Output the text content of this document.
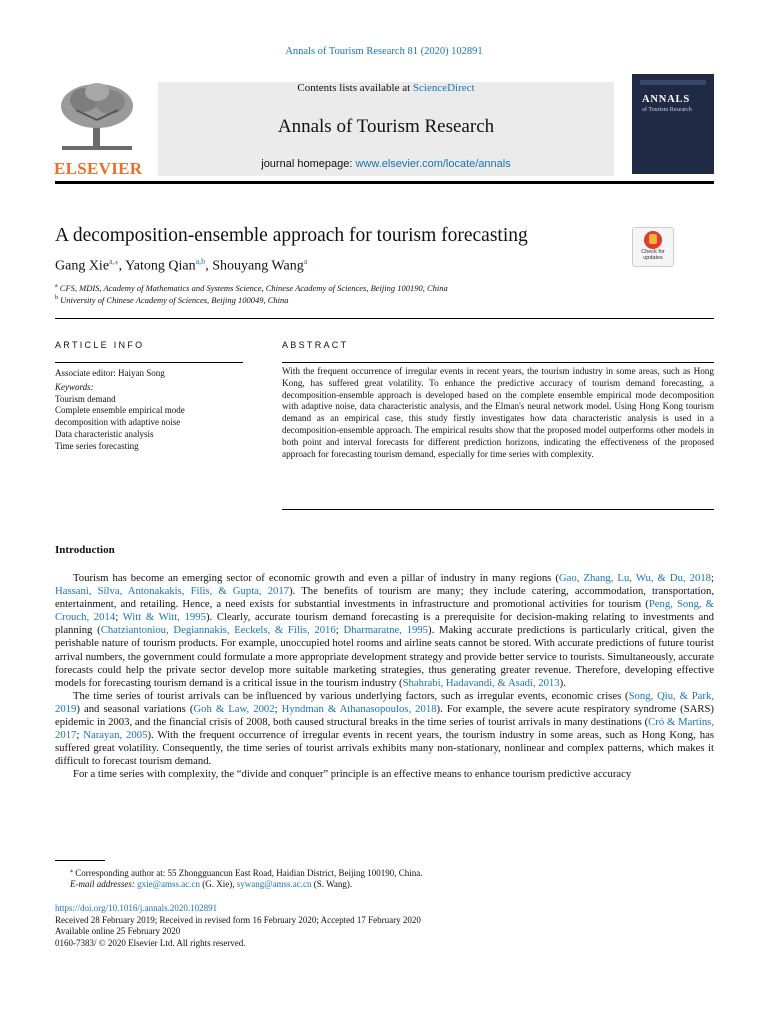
Annals of Tourism Research 81 (2020) 102891
ELSEVIER
Contents lists available at ScienceDirect
Annals of Tourism Research
journal homepage: www.elsevier.com/locate/annals
ANNALS
of Tourism Research
A decomposition-ensemble approach for tourism forecasting
Check for updates
Gang Xie$^{a,⁎}$, Yatong Qian$^{a,b}$, Shouyang Wang$^a$
$^a$ CFS, MDIS, Academy of Mathematics and Systems Science, Chinese Academy of Sciences, Beijing 100190, China
$^b$ University of Chinese Academy of Sciences, Beijing 100049, China
ARTICLE INFO	ABSTRACT
Associate editor: Haiyan Song
Keywords:
Tourism demand
Complete ensemble empirical mode
decomposition with adaptive noise
Data characteristic analysis
Time series forecasting
With the frequent occurrence of irregular events in recent years, the tourism industry in some areas, such as Hong Kong, has suffered great volatility. To enhance the predictive accuracy of tourism demand forecasting, a decomposition-ensemble approach is developed based on the complete ensemble empirical mode decomposition with adaptive noise, data characteristic analysis, and the Elman's neural network model. Using Hong Kong tourism demand as an empirical case, this study firstly investigates how data characteristic analysis is used in a decomposition-ensemble approach. The empirical results show that the proposed model outperforms other models in both point and interval forecasts for different prediction horizons, indicating the effectiveness of the proposed approach for forecasting tourism demand, especially for time series with complexity.
Introduction

Tourism has become an emerging sector of economic growth and even a pillar of industry in many regions (Gao, Zhang, Lu, Wu, & Du, 2018; Hassani, Silva, Antonakakis, Filis, & Gupta, 2017). The benefits of tourism are many; they include catering, accommodation, transportation, entertainment, and retailing. Hence, a need exists for substantial investments in infrastructure and promotional activities for tourism (Peng, Song, & Crouch, 2014; Witt & Witt, 1995). Clearly, accurate tourism demand forecasting is a prerequisite for decision-making relating to investments and planning (Chatziantoniou, Degiannakis, Eeckels, & Filis, 2016; Dharmaratne, 1995). Making accurate predictions is particularly critical, given the perishable nature of tourism products. For example, unoccupied hotel rooms and airline seats cannot be stored. With accurate predictions of future tourist arrival numbers, the government could formulate a more appropriate development strategy and provide better service to tourists. Simultaneously, accurate forecasts could help the private sector develop more suitable marketing strategies, thus generating greater revenue. Therefore, developing effective models for forecasting tourism demand is a critical issue in the tourism industry (Shahrabi, Hadavandi, & Asadi, 2013).

The time series of tourist arrivals can be influenced by various underlying factors, such as irregular events, economic crises (Song, Qiu, & Park, 2019) and seasonal variations (Goh & Law, 2002; Hyndman & Athanasopoulos, 2018). For example, the severe acute respiratory syndrome (SARS) epidemic in 2003, and the financial crisis of 2008, both caused structural breaks in the time series of tourist arrivals in many destinations (Cró & Martins, 2017; Narayan, 2005). With the frequent occurrence of irregular events in recent years, the tourism industry in some areas, such as Hong Kong, has suffered great volatility. Consequently, the time series of tourist arrivals exhibits many non-stationary, nonlinear and complex patterns, which makes it difficult to forecast tourism demand.

For a time series with complexity, the “divide and conquer” principle is an effective means to enhance tourism predictive accuracy

⁎ Corresponding author at: 55 Zhongguancun East Road, Haidian District, Beijing 100190, China.
E-mail addresses: gxie@amss.ac.cn (G. Xie), sywang@amss.ac.cn (S. Wang).
https://doi.org/10.1016/j.annals.2020.102891
Received 28 February 2019; Received in revised form 16 February 2020; Accepted 17 February 2020
Available online 25 February 2020
0160-7383/ © 2020 Elsevier Ltd. All rights reserved.
